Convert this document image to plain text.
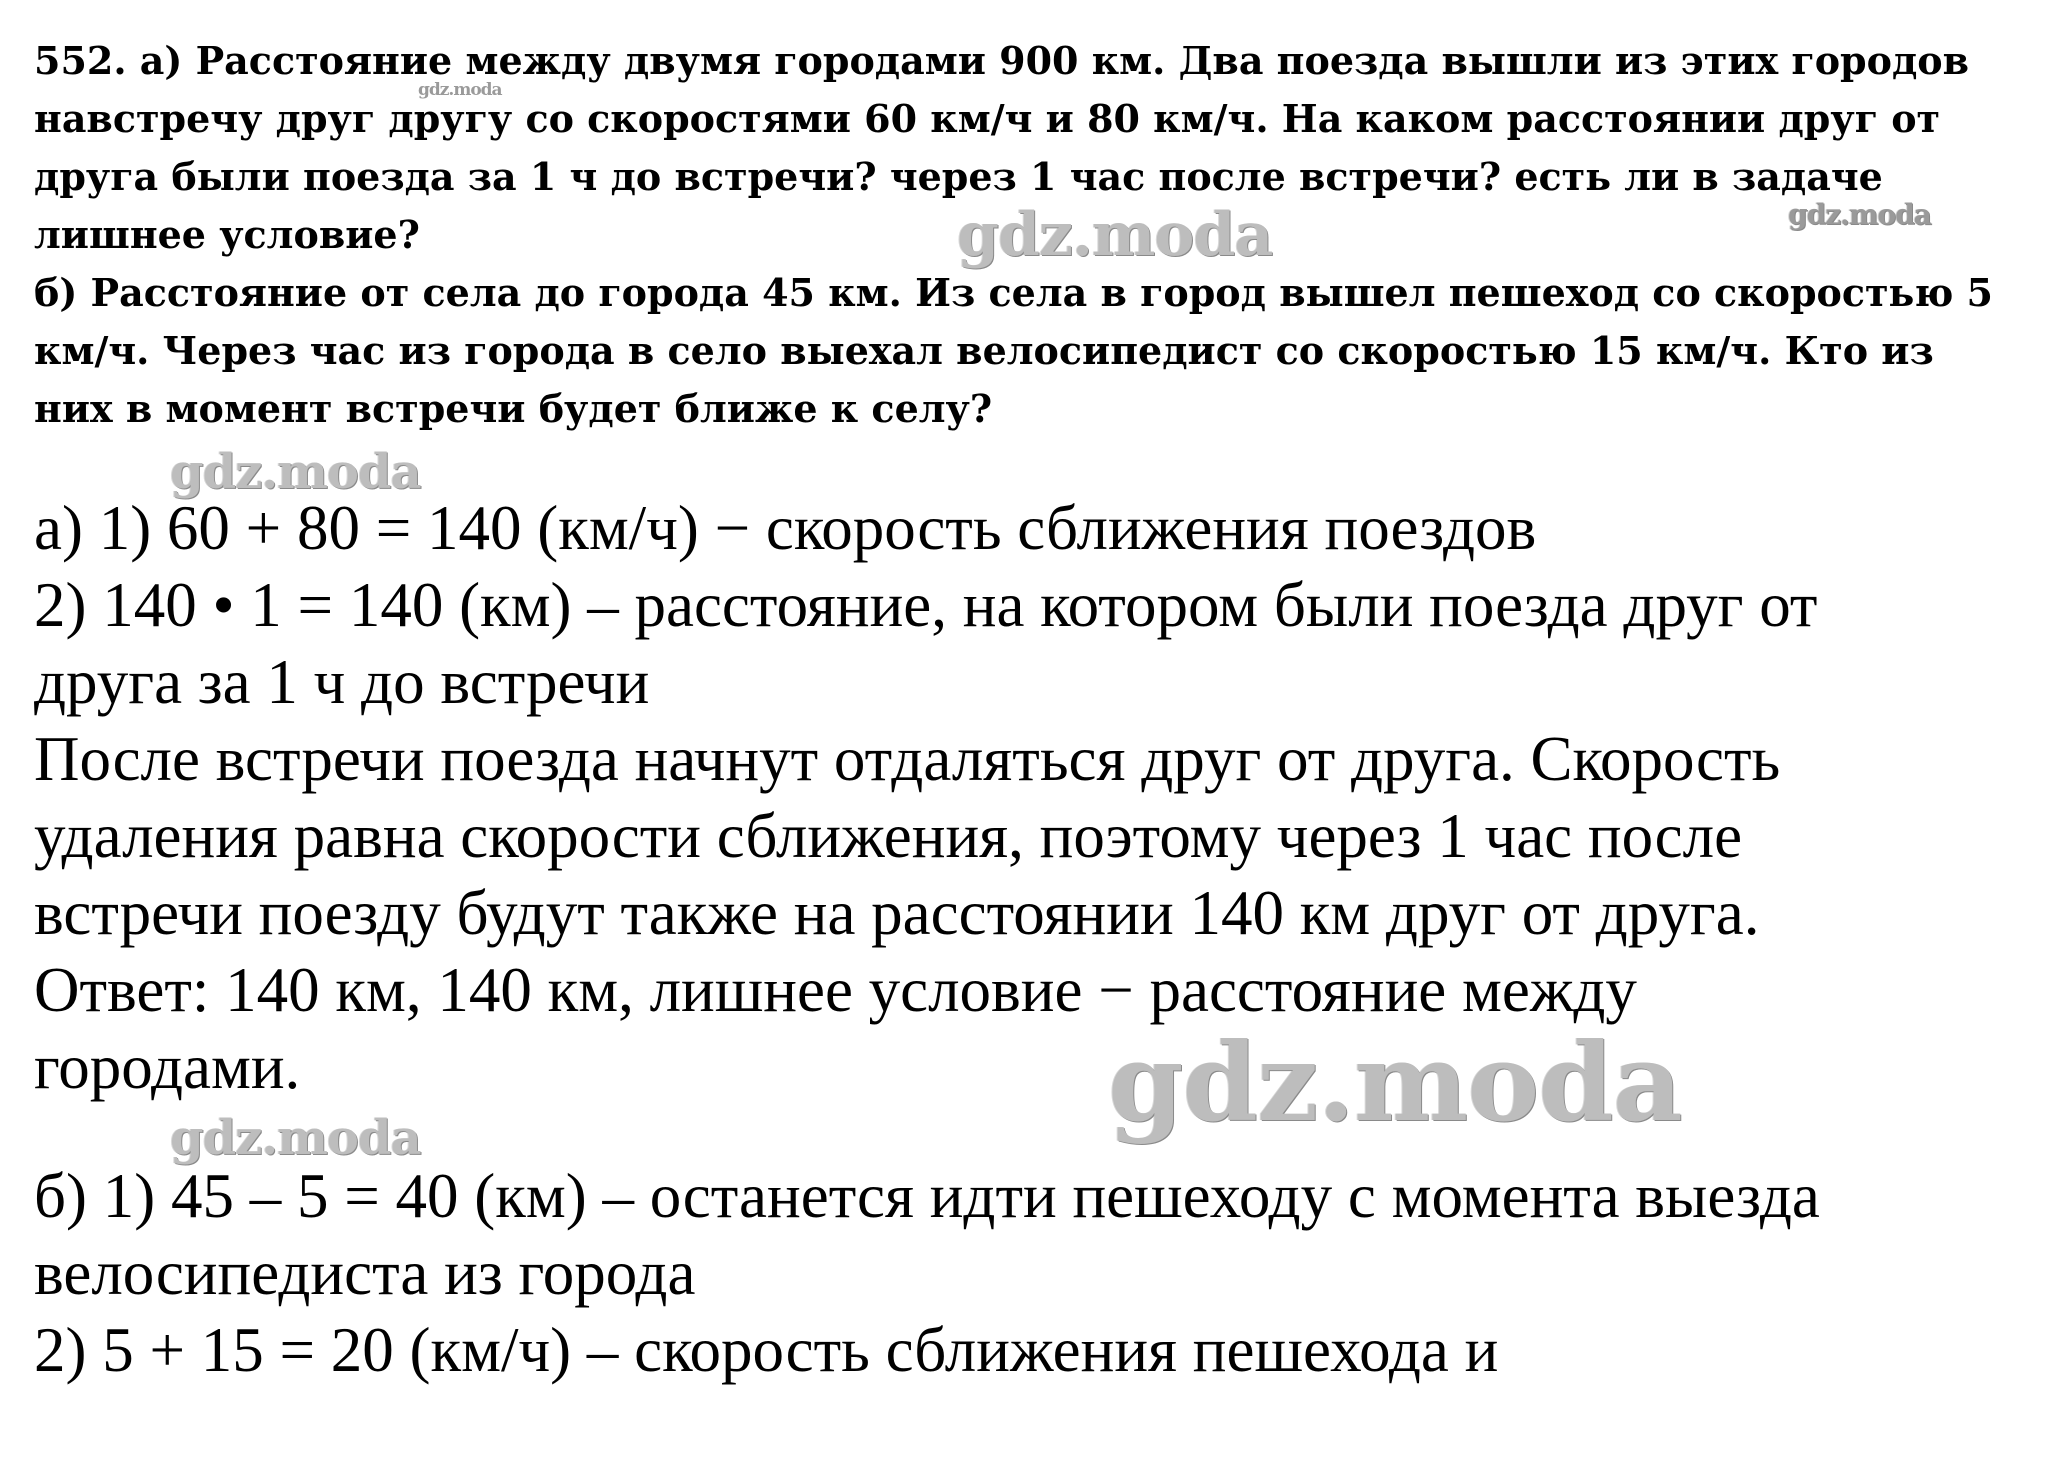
552. а) Расстояние между двумя городами 900 км. Два поезда вышли из этих городов
навстречу друг другу со скоростями 60 км/ч и 80 км/ч. На каком расстоянии друг от
друга были поезда за 1 ч до встречи? через 1 час после встречи? есть ли в задаче
лишнее условие?
б) Расстояние от села до города 45 км. Из села в город вышел пешеход со скоростью 5
км/ч. Через час из города в село выехал велосипедист со скоростью 15 км/ч. Кто из
них в момент встречи будет ближе к селу?
а) 1) 60 + 80 = 140 (км/ч) − скорость сближения поездов
2) 140 • 1 = 140 (км) – расстояние, на котором были поезда друг от
друга за 1 ч до встречи
После встречи поезда начнут отдаляться друг от друга. Скорость
удаления равна скорости сближения, поэтому через 1 час после
встречи поезду будут также на расстоянии 140 км друг от друга.
Ответ: 140 км, 140 км, лишнее условие − расстояние между
городами.
б) 1) 45 – 5 = 40 (км) – останется идти пешеходу с момента выезда
велосипедиста из города
2) 5 + 15 = 20 (км/ч) – скорость сближения пешехода и
gdz.moda
gdz.moda	gdz.moda
gdz.moda
gdz.moda
gdz.moda
